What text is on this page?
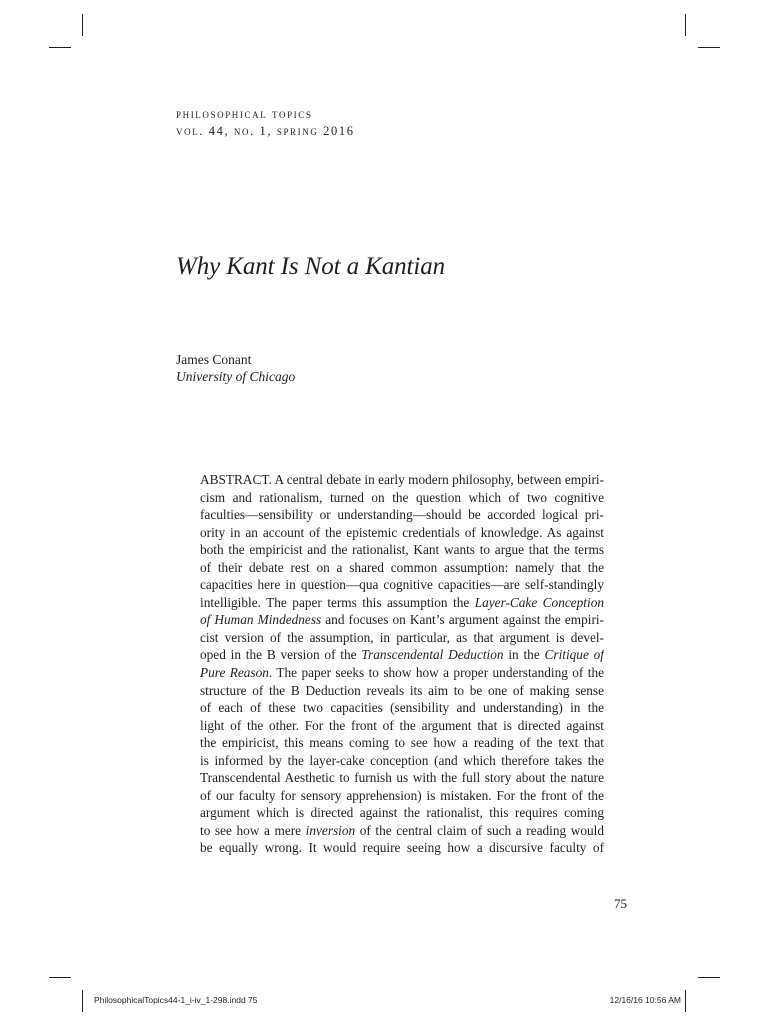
philosophical topics
vol. 44, no. 1, spring 2016
Why Kant Is Not a Kantian
James Conant
University of Chicago
ABSTRACT. A central debate in early modern philosophy, between empiri-
cism and rationalism, turned on the question which of two cognitive
faculties—sensibility or understanding—should be accorded logical pri-
ority in an account of the epistemic credentials of knowledge. As against
both the empiricist and the rationalist, Kant wants to argue that the terms
of their debate rest on a shared common assumption: namely that the
capacities here in question—qua cognitive capacities—are self-standingly
intelligible. The paper terms this assumption the Layer-Cake Conception
of Human Mindedness and focuses on Kant’s argument against the empiri-
cist version of the assumption, in particular, as that argument is devel-
oped in the B version of the Transcendental Deduction in the Critique of
Pure Reason. The paper seeks to show how a proper understanding of the
structure of the B Deduction reveals its aim to be one of making sense
of each of these two capacities (sensibility and understanding) in the
light of the other. For the front of the argument that is directed against
the empiricist, this means coming to see how a reading of the text that
is informed by the layer-cake conception (and which therefore takes the
Transcendental Aesthetic to furnish us with the full story about the nature
of our faculty for sensory apprehension) is mistaken. For the front of the
argument which is directed against the rationalist, this requires coming
to see how a mere inversion of the central claim of such a reading would
be equally wrong. It would require seeing how a discursive faculty of
75
PhilosophicalTopics44-1_i-iv_1-298.indd 75	12/16/16 10:56 AM
